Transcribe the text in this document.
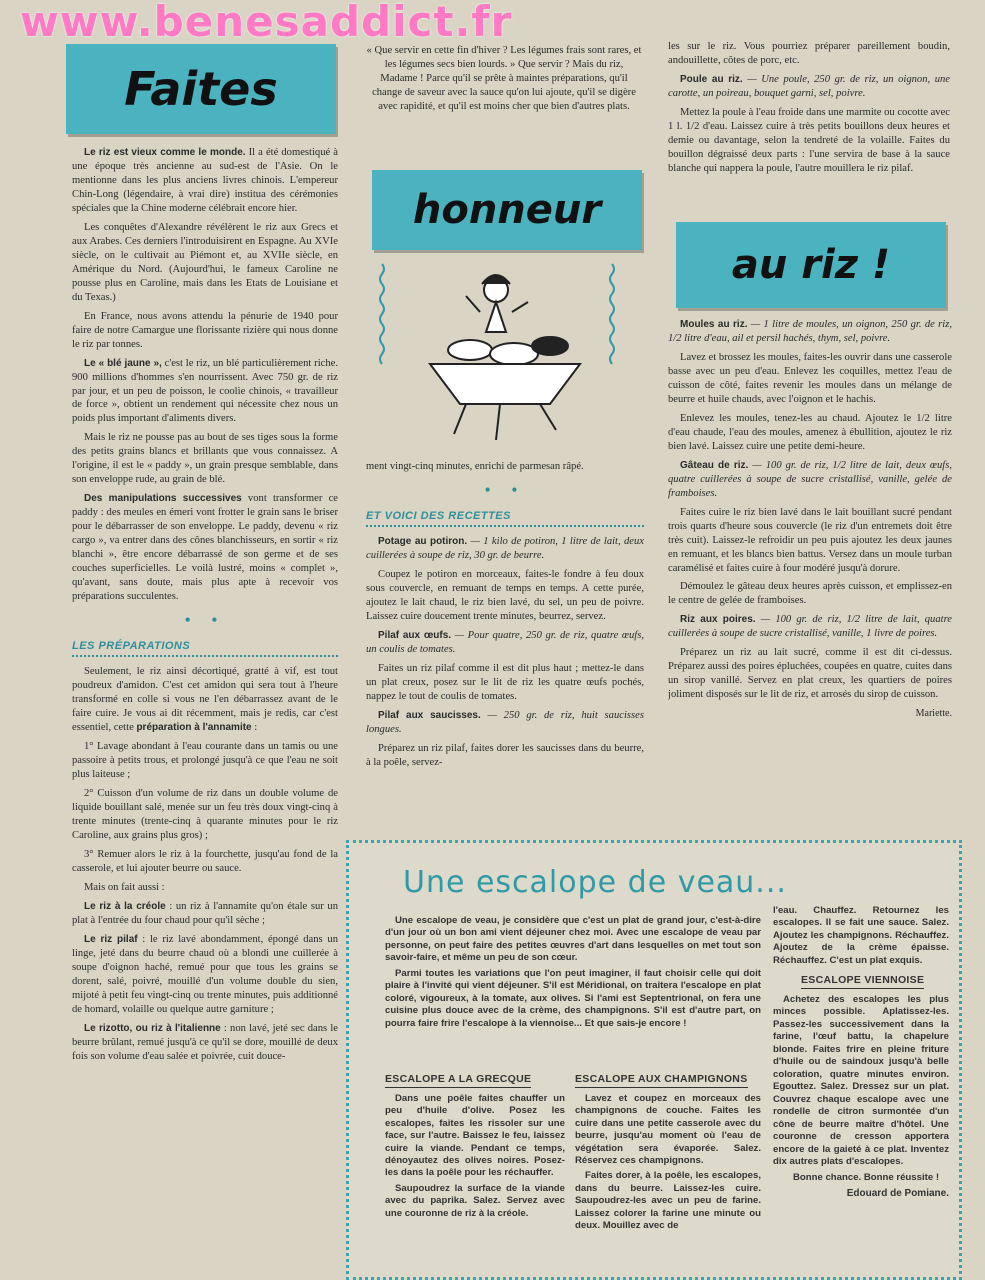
www.benesaddict.fr
Faites

Le riz est vieux comme le monde. Il a été domestiqué à une époque très ancienne au sud-est de l'Asie. On le mentionne dans les plus anciens livres chinois. L'empereur Chin-Long (légendaire, à vrai dire) institua des cérémonies spéciales que la Chine moderne célébrait encore hier.

Les conquêtes d'Alexandre révélèrent le riz aux Grecs et aux Arabes. Ces derniers l'introduisirent en Espagne. Au XVIe siècle, on le cultivait au Piémont et, au XVIIe siècle, en Amérique du Nord. (Aujourd'hui, le fameux Caroline ne pousse plus en Caroline, mais dans les Etats de Louisiane et du Texas.)

En France, nous avons attendu la pénurie de 1940 pour faire de notre Camargue une florissante rizière qui nous donne le riz par tonnes.

Le « blé jaune », c'est le riz, un blé particulièrement riche. 900 millions d'hommes s'en nourrissent. Avec 750 gr. de riz par jour, et un peu de poisson, le coolie chinois, « travailleur de force », obtient un rendement qui nécessite chez nous un poids plus important d'aliments divers.

Mais le riz ne pousse pas au bout de ses tiges sous la forme des petits grains blancs et brillants que vous connaissez. A l'origine, il est le « paddy », un grain presque semblable, dans son enveloppe rude, au grain de blé.

Des manipulations successives vont transformer ce paddy : des meules en émeri vont frotter le grain sans le briser pour le débarrasser de son enveloppe. Le paddy, devenu « riz cargo », va entrer dans des cônes blanchisseurs, en sortir « riz blanchi », être encore débarrassé de son germe et de ses couches superficielles. Le voilà lustré, moins « complet », qu'avant, sans doute, mais plus apte à recevoir vos préparations succulentes.

• •
LES PRÉPARATIONS

Seulement, le riz ainsi décortiqué, gratté à vif, est tout poudreux d'amidon. C'est cet amidon qui sera tout à l'heure transformé en colle si vous ne l'en débarrassez avant de le faire cuire. Je vous ai dit récemment, mais je redis, car c'est essentiel, cette préparation à l'annamite :

1° Lavage abondant à l'eau courante dans un tamis ou une passoire à petits trous, et prolongé jusqu'à ce que l'eau ne soit plus laiteuse ;

2° Cuisson d'un volume de riz dans un double volume de liquide bouillant salé, menée sur un feu très doux vingt-cinq à trente minutes (trente-cinq à quarante minutes pour le riz Caroline, aux grains plus gros) ;

3° Remuer alors le riz à la fourchette, jusqu'au fond de la casserole, et lui ajouter beurre ou sauce.

Mais on fait aussi :

Le riz à la créole : un riz à l'annamite qu'on étale sur un plat à l'entrée du four chaud pour qu'il sèche ;

Le riz pilaf : le riz lavé abondamment, épongé dans un linge, jeté dans du beurre chaud où a blondi une cuillerée à soupe d'oignon haché, remué pour que tous les grains se dorent, salé, poivré, mouillé d'un volume double du sien, mijoté à petit feu vingt-cinq ou trente minutes, puis additionné de homard, volaille ou quelque autre garniture ;

Le rizotto, ou riz à l'italienne : non lavé, jeté sec dans le beurre brûlant, remué jusqu'à ce qu'il se dore, mouillé de deux fois son volume d'eau salée et poivrée, cuit douce-

« Que servir en cette fin d'hiver ? Les légumes frais sont rares, et les légumes secs bien lourds. » Que servir ? Mais du riz, Madame ! Parce qu'il se prête à maintes préparations, qu'il change de saveur avec la sauce qu'on lui ajoute, qu'il se digère avec rapidité, et qu'il est moins cher que bien d'autres plats.

honneur

ment vingt-cinq minutes, enrichi de parmesan râpé.

• •
ET VOICI DES RECETTES

Potage au potiron. — 1 kilo de potiron, 1 litre de lait, deux cuillerées à soupe de riz, 30 gr. de beurre.

Coupez le potiron en morceaux, faites-le fondre à feu doux sous couvercle, en remuant de temps en temps. A cette purée, ajoutez le lait chaud, le riz bien lavé, du sel, un peu de poivre. Laissez cuire doucement trente minutes, beurrez, servez.

Pilaf aux œufs. — Pour quatre, 250 gr. de riz, quatre œufs, un coulis de tomates.

Faites un riz pilaf comme il est dit plus haut ; mettez-le dans un plat creux, posez sur le lit de riz les quatre œufs pochés, nappez le tout de coulis de tomates.

Pilaf aux saucisses. — 250 gr. de riz, huit saucisses longues.

Préparez un riz pilaf, faites dorer les saucisses dans du beurre, à la poêle, servez-

les sur le riz. Vous pourriez préparer pareillement boudin, andouillette, côtes de porc, etc.

Poule au riz. — Une poule, 250 gr. de riz, un oignon, une carotte, un poireau, bouquet garni, sel, poivre.

Mettez la poule à l'eau froide dans une marmite ou cocotte avec 1 l. 1/2 d'eau. Laissez cuire à très petits bouillons deux heures et demie ou davantage, selon la tendreté de la volaille. Faites du bouillon dégraissé deux parts : l'une servira de base à la sauce blanche qui nappera la poule, l'autre mouillera le riz pilaf.

au riz !

Moules au riz. — 1 litre de moules, un oignon, 250 gr. de riz, 1/2 litre d'eau, ail et persil hachés, thym, sel, poivre.

Lavez et brossez les moules, faites-les ouvrir dans une casserole basse avec un peu d'eau. Enlevez les coquilles, mettez l'eau de cuisson de côté, faites revenir les moules dans un mélange de beurre et huile chauds, avec l'oignon et le hachis.

Enlevez les moules, tenez-les au chaud. Ajoutez le 1/2 litre d'eau chaude, l'eau des moules, amenez à ébullition, ajoutez le riz bien lavé. Laissez cuire une petite demi-heure.

Gâteau de riz. — 100 gr. de riz, 1/2 litre de lait, deux œufs, quatre cuillerées à soupe de sucre cristallisé, vanille, gelée de framboises.

Faites cuire le riz bien lavé dans le lait bouillant sucré pendant trois quarts d'heure sous couvercle (le riz d'un entremets doit être très cuit). Laissez-le refroidir un peu puis ajoutez les deux jaunes en remuant, et les blancs bien battus. Versez dans un moule turban caramélisé et faites cuire à four modéré jusqu'à dorure.

Démoulez le gâteau deux heures après cuisson, et emplissez-en le centre de gelée de framboises.

Riz aux poires. — 100 gr. de riz, 1/2 litre de lait, quatre cuillerées à soupe de sucre cristallisé, vanille, 1 livre de poires.

Préparez un riz au lait sucré, comme il est dit ci-dessus. Préparez aussi des poires épluchées, coupées en quatre, cuites dans un sirop vanillé. Servez en plat creux, les quartiers de poires joliment disposés sur le lit de riz, et arrosés du sirop de cuisson.

Mariette.
Une escalope de veau...

Une escalope de veau, je considère que c'est un plat de grand jour, c'est-à-dire d'un jour où un bon ami vient déjeuner chez moi. Avec une escalope de veau par personne, on peut faire des petites œuvres d'art dans lesquelles on met tout son savoir-faire, et même un peu de son cœur.

Parmi toutes les variations que l'on peut imaginer, il faut choisir celle qui doit plaire à l'invité qui vient déjeuner. S'il est Méridional, on traitera l'escalope en plat coloré, vigoureux, à la tomate, aux olives. Si l'ami est Septentrional, on fera une cuisine plus douce avec de la crème, des champignons. S'il est d'autre part, on pourra faire frire l'escalope à la viennoise... Et que sais-je encore !

ESCALOPE A LA GRECQUE

Dans une poêle faites chauffer un peu d'huile d'olive. Posez les escalopes, faites les rissoler sur une face, sur l'autre. Baissez le feu, laissez cuire la viande. Pendant ce temps, dénoyautez des olives noires. Posez-les dans la poêle pour les réchauffer.

Saupoudrez la surface de la viande avec du paprika. Salez. Servez avec une couronne de riz à la créole.

ESCALOPE AUX CHAMPIGNONS

Lavez et coupez en morceaux des champignons de couche. Faites les cuire dans une petite casserole avec du beurre, jusqu'au moment où l'eau de végétation sera évaporée. Salez. Réservez ces champignons.

Faites dorer, à la poêle, les escalopes, dans du beurre. Laissez-les cuire. Saupoudrez-les avec un peu de farine. Laissez colorer la farine une minute ou deux. Mouillez avec de

l'eau. Chauffez. Retournez les escalopes. Il se fait une sauce. Salez. Ajoutez les champignons. Réchauffez. Ajoutez de la crème épaisse. Réchauffez. C'est un plat exquis.

ESCALOPE VIENNOISE

Achetez des escalopes les plus minces possible. Aplatissez-les. Passez-les successivement dans la farine, l'œuf battu, la chapelure blonde. Faites frire en pleine friture d'huile ou de saindoux jusqu'à belle coloration, quatre minutes environ. Egouttez. Salez. Dressez sur un plat. Couvrez chaque escalope avec une rondelle de citron surmontée d'un cône de beurre maître d'hôtel. Une couronne de cresson apportera encore de la gaieté à ce plat. Inventez dix autres plats d'escalopes.

Bonne chance. Bonne réussite !

Edouard de Pomiane.
